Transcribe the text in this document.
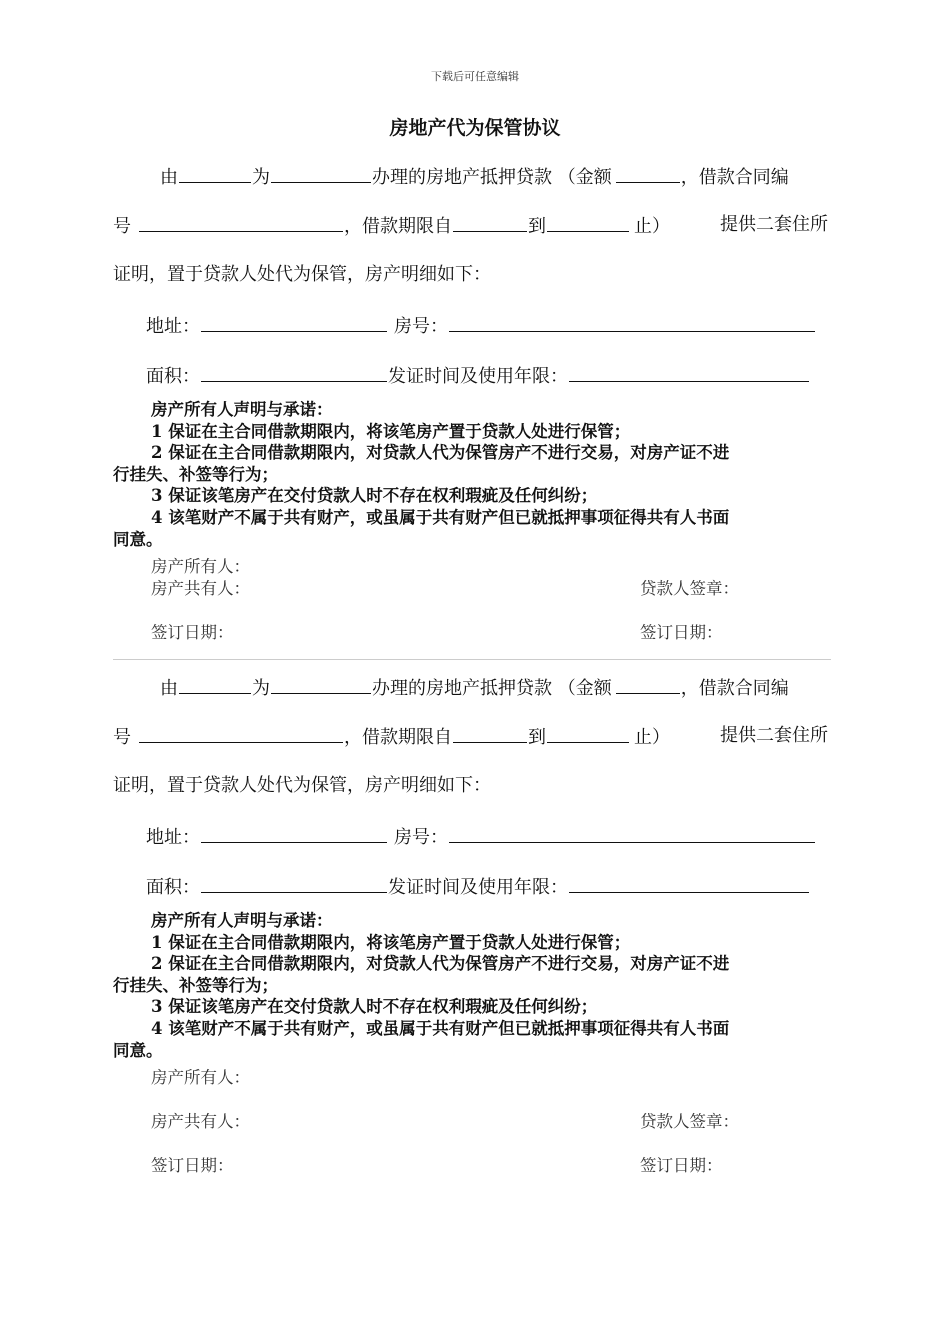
下载后可任意编辑
房地产代为保管协议
由	为	办理的房地产抵押贷款 （金额	，借款合同编
号	，借款期限自	到	止）	提供二套住所
证明，置于贷款人处代为保管，房产明细如下：
地址：	房号：
面积：	发证时间及使用年限：

房产所有人声明与承诺：

1 保证在主合同借款期限内，将该笔房产置于贷款人处进行保管；

2 保证在主合同借款期限内，对贷款人代为保管房产不进行交易，对房产证不进

行挂失、补签等行为；

3 保证该笔房产在交付贷款人时不存在权利瑕疵及任何纠纷；

4 该笔财产不属于共有财产，或虽属于共有财产但已就抵押事项征得共有人书面

同意。

房产所有人：
房产共有人：	贷款人签章：
签订日期：	签订日期：
由	为	办理的房地产抵押贷款 （金额	，借款合同编
号	，借款期限自	到	止）	提供二套住所
证明，置于贷款人处代为保管，房产明细如下：
地址：	房号：
面积：	发证时间及使用年限：

房产所有人声明与承诺：

1 保证在主合同借款期限内，将该笔房产置于贷款人处进行保管；

2 保证在主合同借款期限内，对贷款人代为保管房产不进行交易，对房产证不进

行挂失、补签等行为；

3 保证该笔房产在交付贷款人时不存在权利瑕疵及任何纠纷；

4 该笔财产不属于共有财产，或虽属于共有财产但已就抵押事项征得共有人书面

同意。

房产所有人：
房产共有人：	贷款人签章：
签订日期：	签订日期：
